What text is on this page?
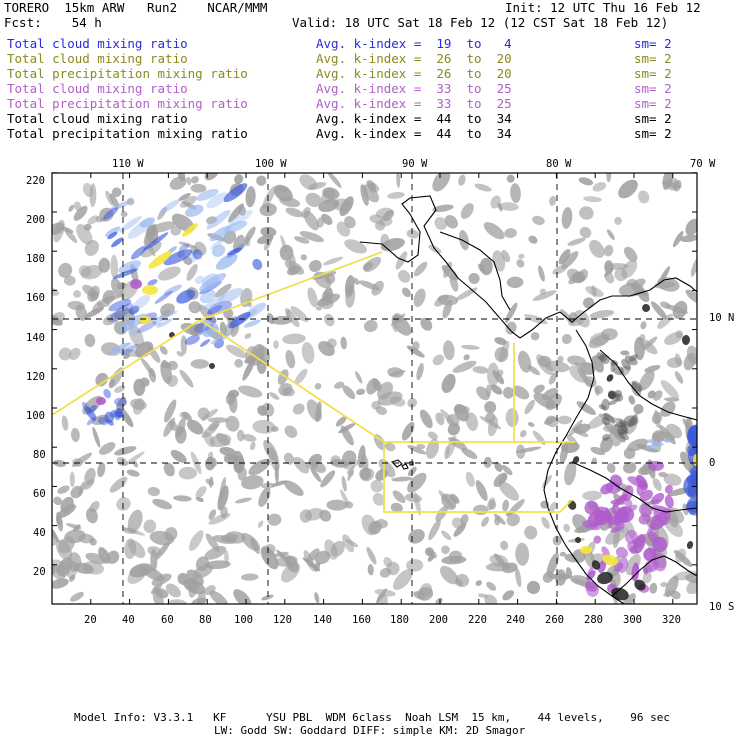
TORERO  15km ARW   Run2    NCAR/MMM	Init: 12 UTC Thu 16 Feb 12
Fcst:    54 h	Valid: 18 UTC Sat 18 Feb 12 (12 CST Sat 18 Feb 12)
Total cloud mixing ratio	Avg. k-index =  19  to   4	sm= 2
Total cloud mixing ratio	Avg. k-index =  26  to  20	sm= 2
Total precipitation mixing ratio	Avg. k-index =  26  to  20	sm= 2
Total cloud mixing ratio	Avg. k-index =  33  to  25	sm= 2
Total precipitation mixing ratio	Avg. k-index =  33  to  25	sm= 2
Total cloud mixing ratio	Avg. k-index =  44  to  34	sm= 2
Total precipitation mixing ratio	Avg. k-index =  44  to  34	sm= 2
110 W	100 W	90 W	80 W	70 W
10 N
0
10 S
220
200
180
160
140
120
100
80
60
40
20
20 40	60 80 100 120 140 160 180 200 220 240 260 280 300 320
Model Info: V3.3.1   KF      YSU PBL  WDM 6class  Noah LSM  15 km,    44 levels,    96 sec
LW: Godd SW: Goddard DIFF: simple KM: 2D Smagor
